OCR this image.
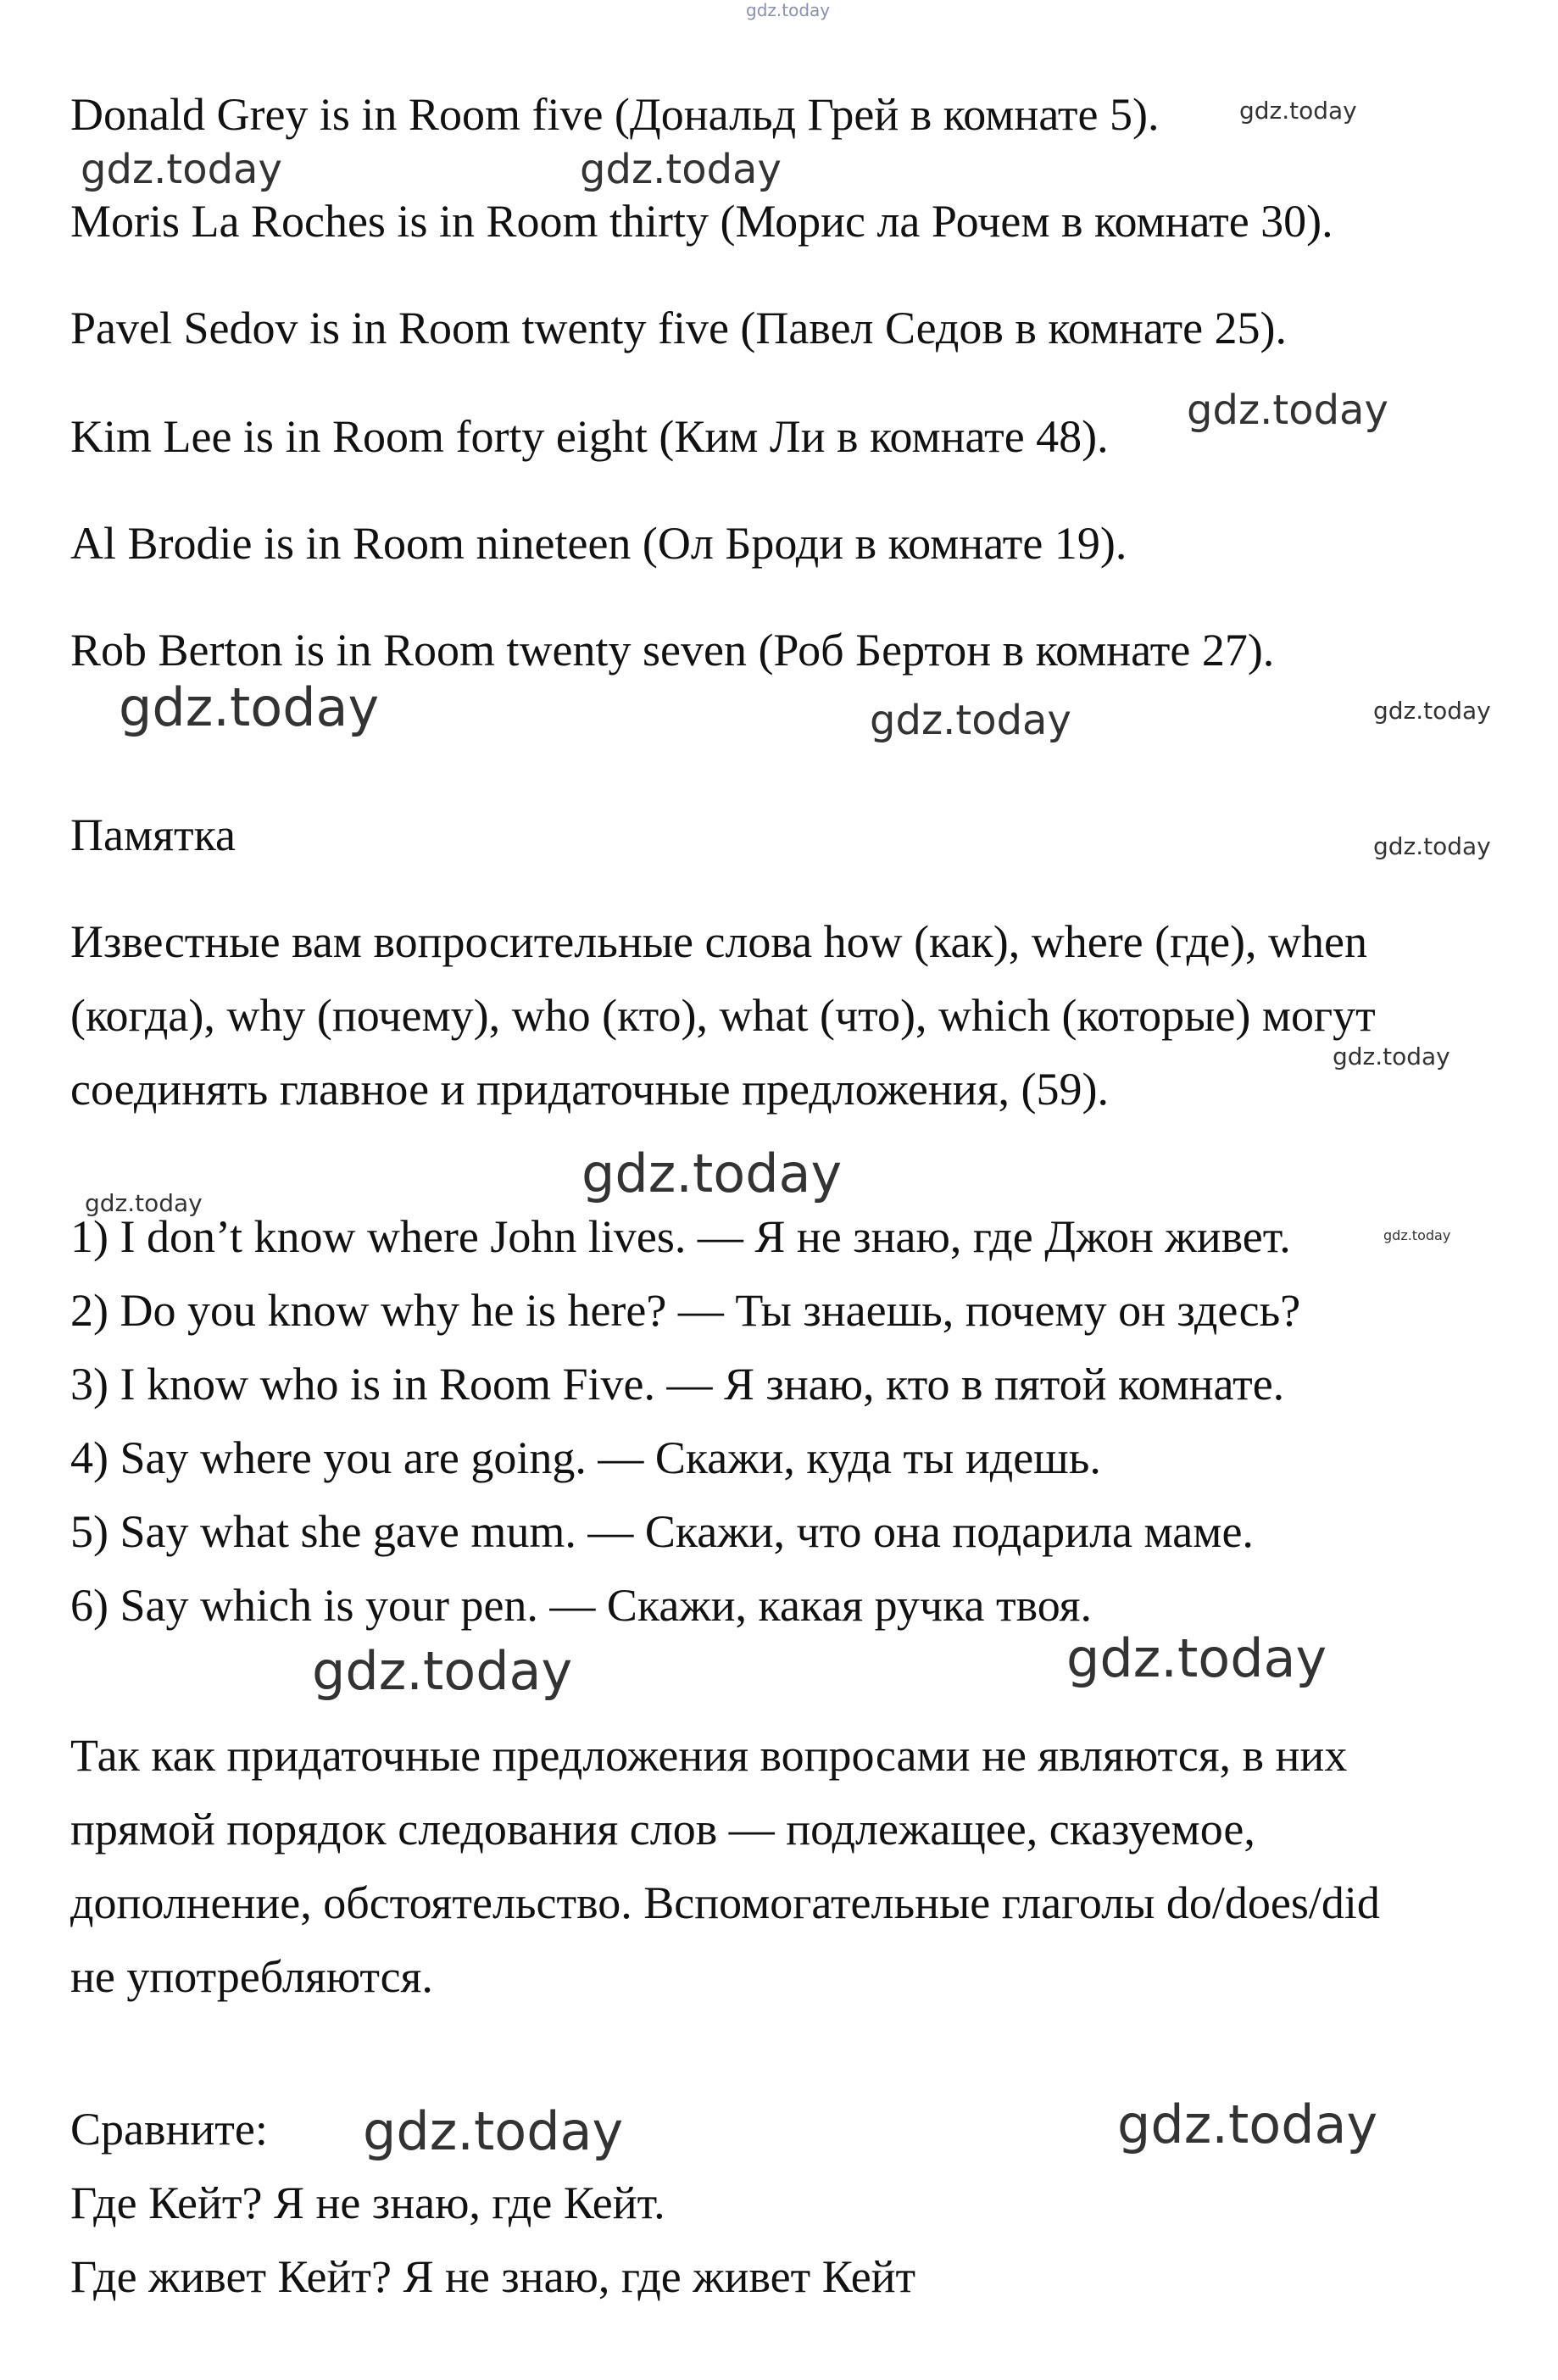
Donald Grey is in Room five (Дональд Грей в комнате 5).
Moris La Roches is in Room thirty (Морис ла Рочем в комнате 30).
Pavel Sedov is in Room twenty five (Павел Седов в комнате 25).
Kim Lee is in Room forty eight (Ким Ли в комнате 48).
Al Brodie is in Room nineteen (Ол Броди в комнате 19).
Rob Berton is in Room twenty seven (Роб Бертон в комнате 27).
Памятка
Известные вам вопросительные слова how (как), where (где), when
(когда), why (почему), who (кто), what (что), which (которые) могут
соединять главное и придаточные предложения, (59).
1) I don’t know where John lives. — Я не знаю, где Джон живет.
2) Do you know why he is here? — Ты знаешь, почему он здесь?
3) I know who is in Room Five. — Я знаю, кто в пятой комнате.
4) Say where you are going. — Скажи, куда ты идешь.
5) Say what she gave mum. — Скажи, что она подарила маме.
6) Say which is your pen. — Скажи, какая ручка твоя.
Так как придаточные предложения вопросами не являются, в них
прямой порядок следования слов — подлежащее, сказуемое,
дополнение, обстоятельство. Вспомогательные глаголы do/does/did
не употребляются.
Сравните:
Где Кейт? Я не знаю, где Кейт.
Где живет Кейт? Я не знаю, где живет Кейт
gdz.today
gdz.today
gdz.today	gdz.today
gdz.today
gdz.today	gdz.today	gdz.today
gdz.today
gdz.today
gdz.today
gdz.today
gdz.today
gdz.today	gdz.today
gdz.today	gdz.today
